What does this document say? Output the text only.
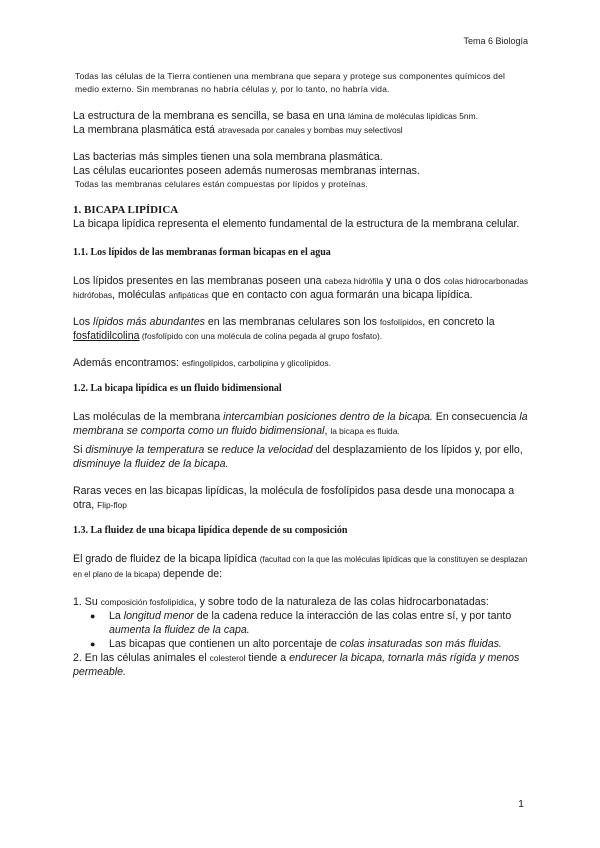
Tema 6 Biología

Todas las células de la Tierra contienen una membrana que separa y protege sus componentes químicos del medio externo. Sin membranas no habría células y, por lo tanto, no habría vida.

La estructura de la membrana es sencilla, se basa en una lámina de moléculas lipídicas 5nm.

La membrana plasmática está atravesada por canales y bombas muy selectivosl

Las bacterias más simples tienen una sola membrana plasmática.

Las células eucariontes poseen además numerosas membranas internas.

Todas las membranas celulares están compuestas por lípidos y proteínas.

1. BICAPA LIPÍDICA

La bicapa lipídica representa el elemento fundamental de la estructura de la membrana celular.

1.1. Los lípidos de las membranas forman bicapas en el agua

Los lípidos presentes en las membranas poseen una cabeza hidrófila y una o dos colas hidrocarbonadas hidrófobas, moléculas anfipáticas que en contacto con agua formarán una bicapa lipídica.

Los lípidos más abundantes en las membranas celulares son los fosfolípidos, en concreto la fosfatidilcolina (fosfolípido con una molécula de colina pegada al grupo fosfato).

Además encontramos: esfingolípidos, carbolipina y glicolípidos.

1.2. La bicapa lipídica es un fluido bidimensional

Las moléculas de la membrana intercambian posiciones dentro de la bicapa. En consecuencia la membrana se comporta como un fluido bidimensional, la bicapa es fluida.

Si disminuye la temperatura se reduce la velocidad del desplazamiento de los lípidos y, por ello, disminuye la fluidez de la bicapa.

Raras veces en las bicapas lipídicas, la molécula de fosfolípidos pasa desde una monocapa a otra, Flip-flop

1.3. La fluidez de una bicapa lipídica depende de su composición

El grado de fluidez de la bicapa lipídica (facultad con la que las moléculas lipídicas que la constituyen se desplazan en el plano de la bicapa) depende de:

1. Su composición fosfolipídica, y sobre todo de la naturaleza de las colas hidrocarbonatadas:

● La longitud menor de la cadena reduce la interacción de las colas entre sí, y por tanto aumenta la fluidez de la capa.
● Las bicapas que contienen un alto porcentaje de colas insaturadas son más fluidas.

2. En las células animales el colesterol tiende a endurecer la bicapa, tornarla más rígida y menos permeable.

1
